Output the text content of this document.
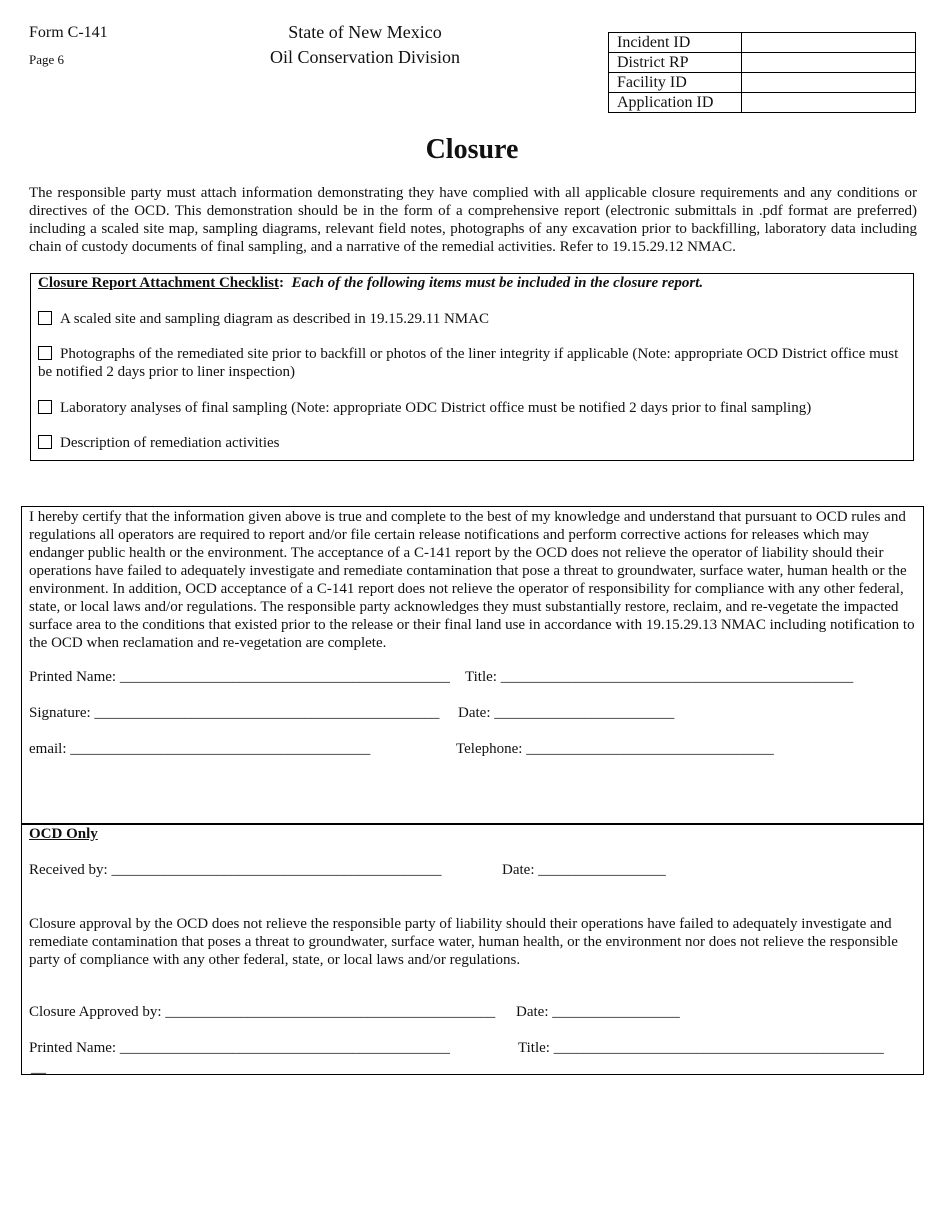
Form C-141
Page 6
State of New Mexico
Oil Conservation Division
Incident ID	
District RP	
Facility ID	
Application ID	
Closure
The responsible party must attach information demonstrating they have complied with all applicable closure requirements and any conditions or directives of the OCD. This demonstration should be in the form of a comprehensive report (electronic submittals in .pdf format are preferred) including a scaled site map, sampling diagrams, relevant field notes, photographs of any excavation prior to backfilling, laboratory data including chain of custody documents of final sampling, and a narrative of the remedial activities. Refer to 19.15.29.12 NMAC.
Closure Report Attachment Checklist: Each of the following items must be included in the closure report.
A scaled site and sampling diagram as described in 19.15.29.11 NMAC
Photographs of the remediated site prior to backfill or photos of the liner integrity if applicable (Note: appropriate OCD District office must be notified 2 days prior to liner inspection)
Laboratory analyses of final sampling (Note: appropriate ODC District office must be notified 2 days prior to final sampling)
Description of remediation activities
I hereby certify that the information given above is true and complete to the best of my knowledge and understand that pursuant to OCD rules and regulations all operators are required to report and/or file certain release notifications and perform corrective actions for releases which may endanger public health or the environment. The acceptance of a C-141 report by the OCD does not relieve the operator of liability should their operations have failed to adequately investigate and remediate contamination that pose a threat to groundwater, surface water, human health or the environment. In addition, OCD acceptance of a C-141 report does not relieve the operator of responsibility for compliance with any other federal, state, or local laws and/or regulations. The responsible party acknowledges they must substantially restore, reclaim, and re-vegetate the impacted surface area to the conditions that existed prior to the release or their final land use in accordance with 19.15.29.13 NMAC including notification to the OCD when reclamation and re-vegetation are complete.
Printed Name: ____________________________________________ Title: _______________________________________________
Signature: ______________________________________________ Date: ________________________
email: ________________________________________	Telephone: _________________________________
OCD Only
Received by: ____________________________________________	Date: _________________
Closure approval by the OCD does not relieve the responsible party of liability should their operations have failed to adequately investigate and remediate contamination that poses a threat to groundwater, surface water, human health, or the environment nor does not relieve the responsible party of compliance with any other federal, state, or local laws and/or regulations.
Closure Approved by: ____________________________________________ Date: _________________
Printed Name: ____________________________________________	Title: ____________________________________________
__
